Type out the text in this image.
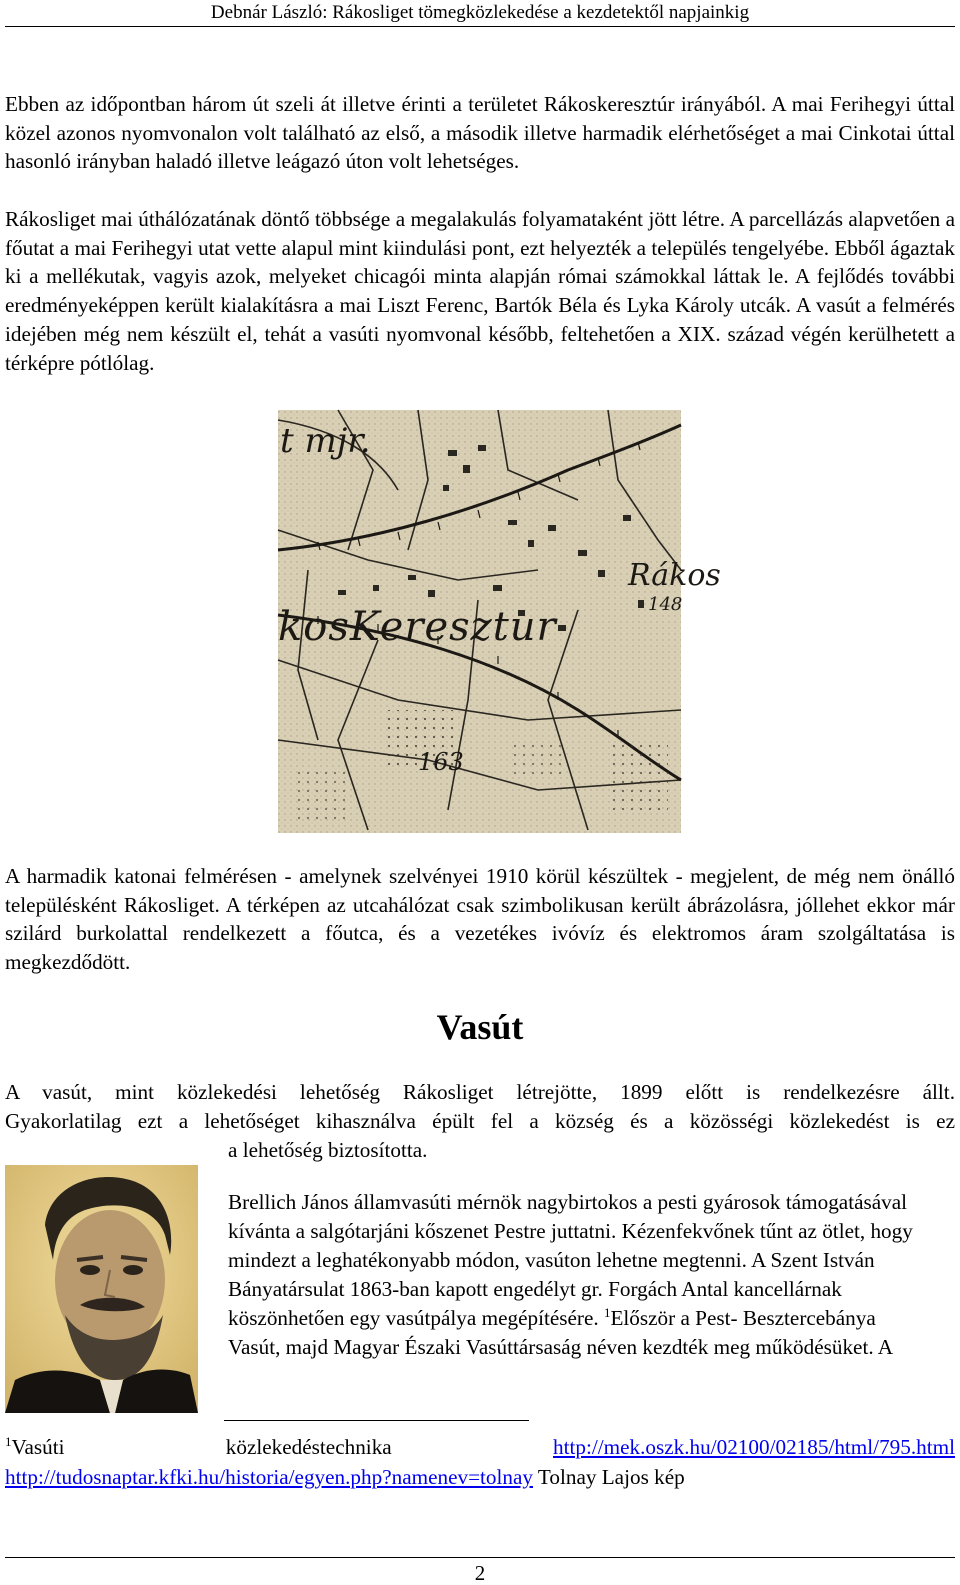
Debnár László: Rákosliget tömegközlekedése a kezdetektől napjainkig

Ebben az időpontban három út szeli át illetve érinti a területet Rákoskeresztúr irányából. A mai Ferihegyi úttal közel azonos nyomvonalon volt található az első, a második illetve harmadik elérhetőséget a mai Cinkotai úttal hasonló irányban haladó illetve leágazó úton volt lehetséges.

Rákosliget mai úthálózatának döntő többsége a megalakulás folyamataként jött létre. A parcellázás alapvetően a főutat a mai Ferihegyi utat vette alapul mint kiindulási pont, ezt helyezték a település tengelyébe. Ebből ágaztak ki a mellékutak, vagyis azok, melyeket chicagói minta alapján római számokkal láttak le. A fejlődés további eredményeképpen került kialakításra a mai Liszt Ferenc, Bartók Béla és Lyka Károly utcák. A vasút a felmérés idejében még nem készült el, tehát a vasúti nyomvonal később, feltehetően a XIX. század végén kerülhetett a térképre pótlólag.

t mjr.
kosKeresztur
Rákos
148
163

A harmadik katonai felmérésen - amelynek szelvényei 1910 körül készültek - megjelent, de még nem önálló településként Rákosliget. A térképen az utcahálózat csak szimbolikusan került ábrázolásra, jóllehet ekkor már szilárd burkolattal rendelkezett a főutca, és a vezetékes ivóvíz és elektromos áram szolgáltatása is megkezdődött.

Vasút
A vasút, mint közlekedési lehetőség Rákosliget létrejötte, 1899 előtt is rendelkezésre állt.
Gyakorlatilag ezt a lehetőséget kihasználva épült fel a község és a közösségi közlekedést is ez
a lehetőség biztosította.

Brellich János államvasúti mérnök nagybirtokos a pesti gyárosok támogatásával kívánta a salgótarjáni kőszenet Pestre juttatni. Kézenfekvőnek tűnt az ötlet, hogy mindezt a leghatékonyabb módon, vasúton lehetne megtenni. A Szent István Bányatársulat 1863-ban kapott engedélyt gr. Forgách Antal kancellárnak köszönhetően egy vasútpálya megépítésére. $^1$Először a Pest- Besztercebánya Vasút, majd Magyar Északi Vasúttársaság néven kezdték meg működésüket. A

$^1$Vasúti	közlekedéstechnika	http://mek.oszk.hu/02100/02185/html/795.html
http://tudosnaptar.kfki.hu/historia/egyen.php?namenev=tolnay Tolnay Lajos kép
2
